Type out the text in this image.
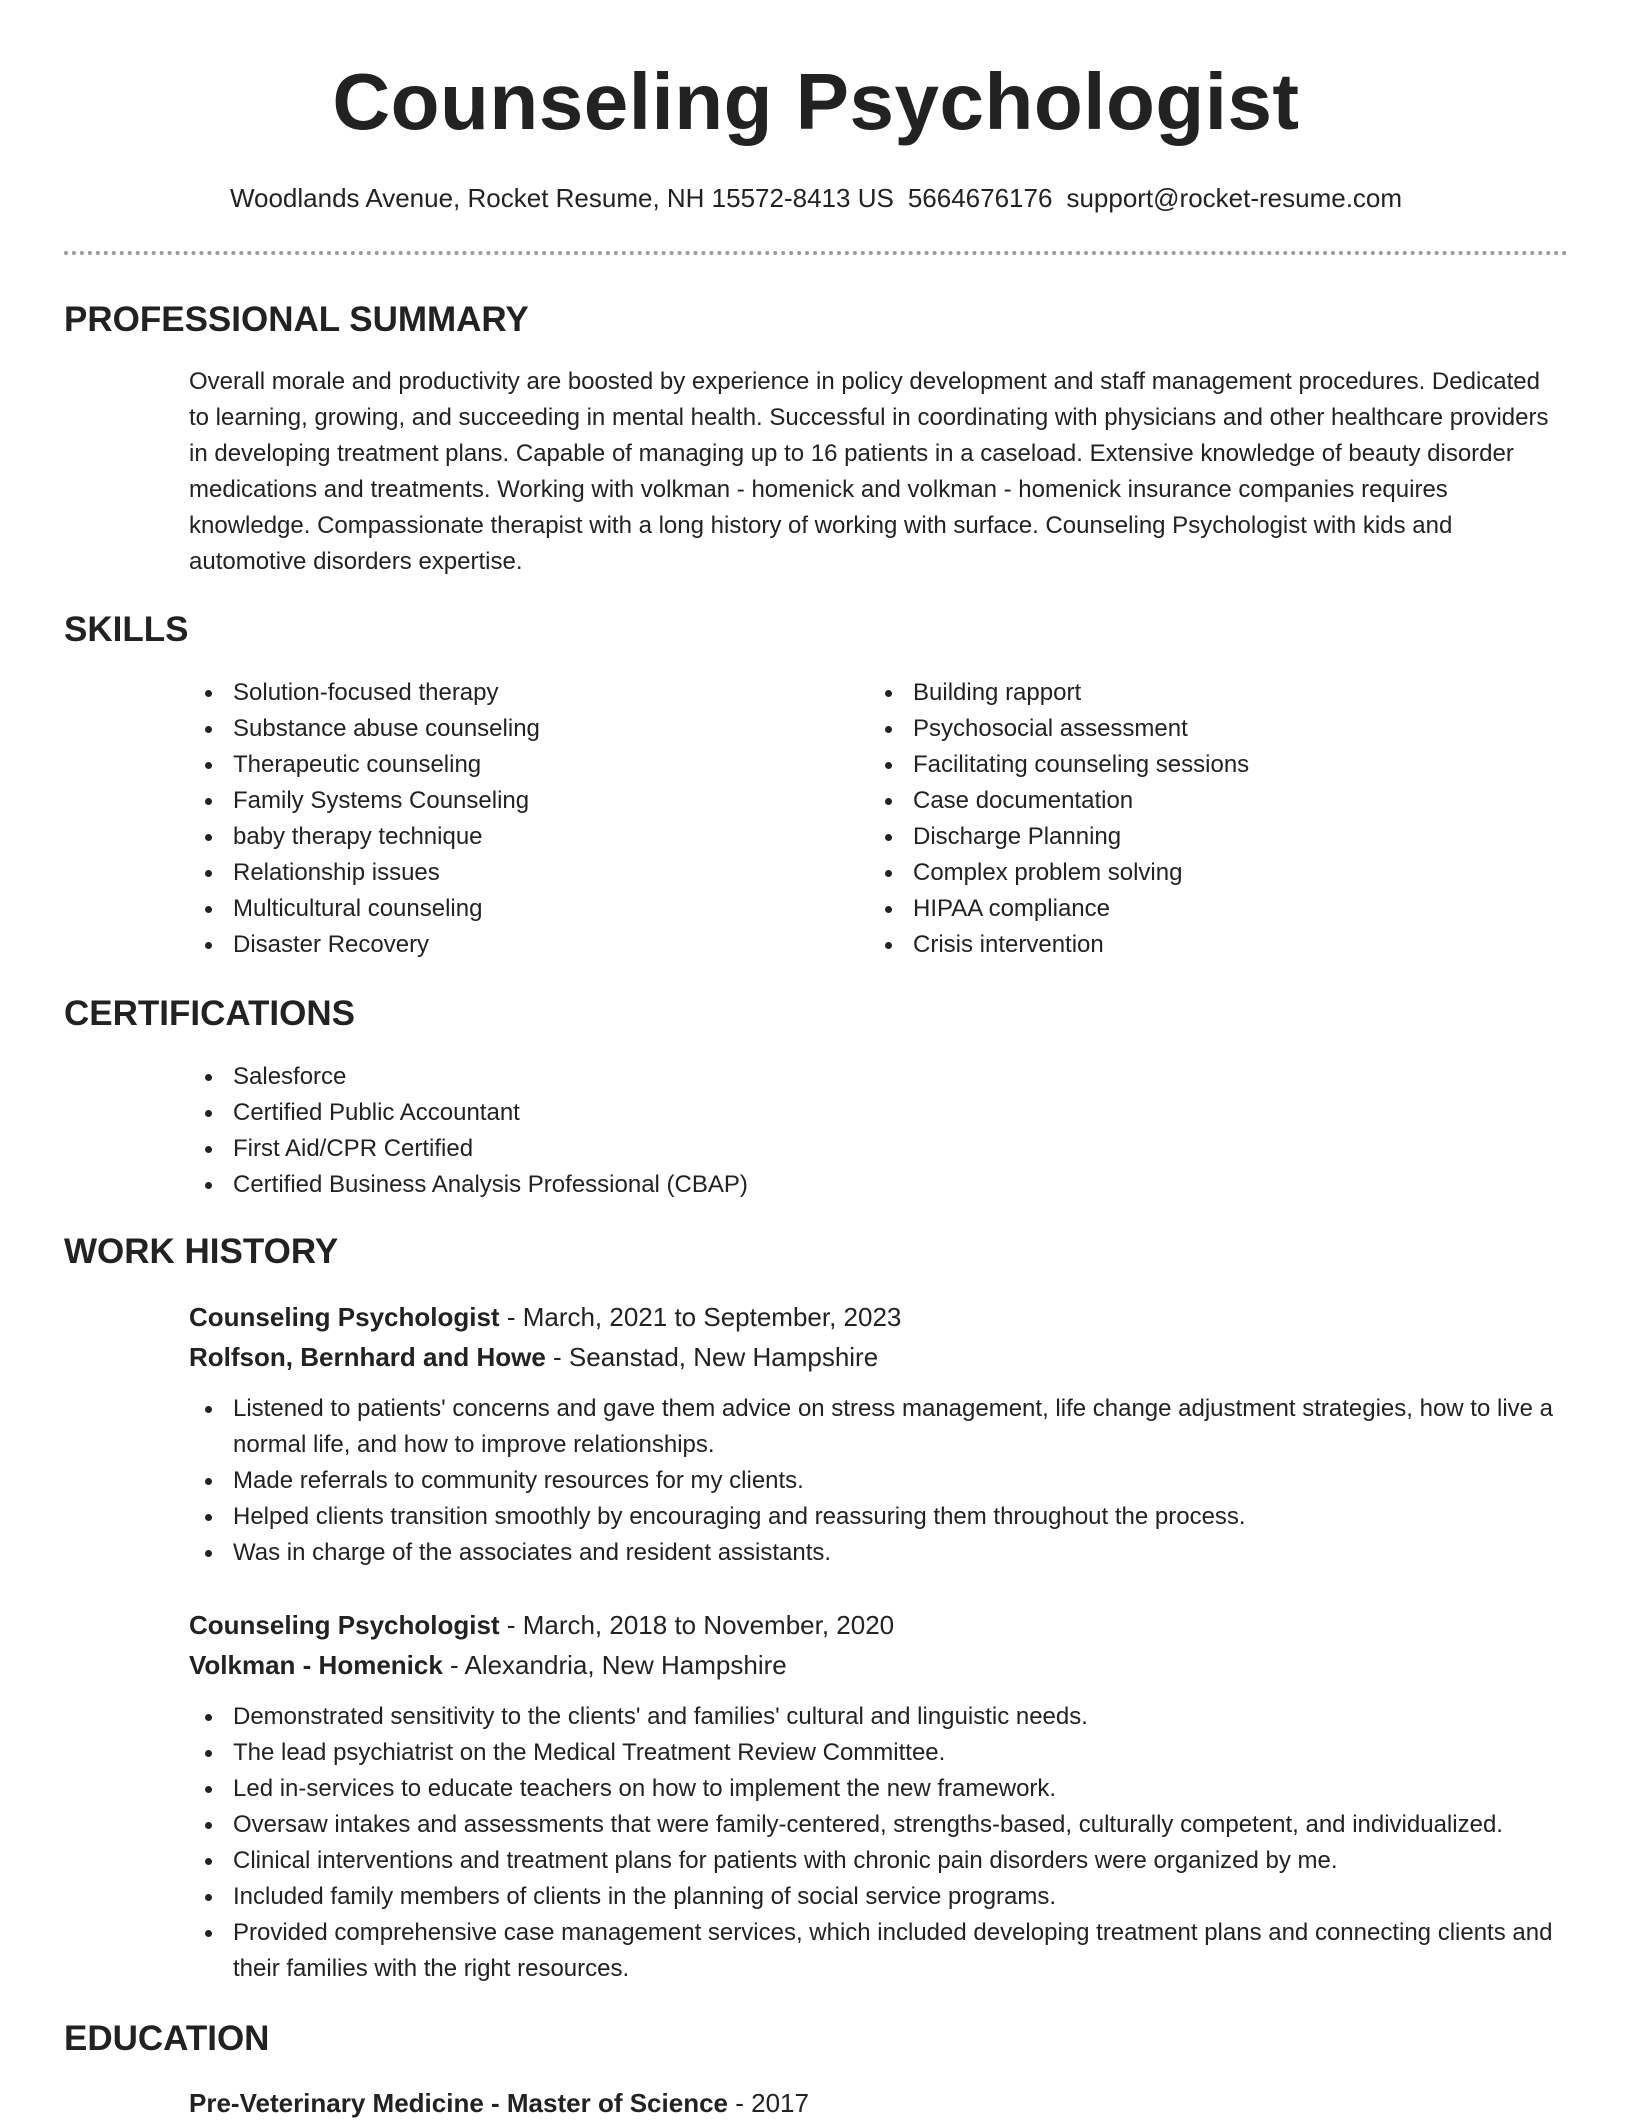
Counseling Psychologist
Woodlands Avenue, Rocket Resume, NH 15572-8413 US 5664676176 support@rocket-resume.com
PROFESSIONAL SUMMARY

Overall morale and productivity are boosted by experience in policy development and staff management procedures. Dedicated to learning, growing, and succeeding in mental health. Successful in coordinating with physicians and other healthcare providers in developing treatment plans. Capable of managing up to 16 patients in a caseload. Extensive knowledge of beauty disorder medications and treatments. Working with volkman - homenick and volkman - homenick insurance companies requires knowledge. Compassionate therapist with a long history of working with surface. Counseling Psychologist with kids and automotive disorders expertise.

SKILLS
Solution-focused therapy
Substance abuse counseling
Therapeutic counseling
Family Systems Counseling
baby therapy technique
Relationship issues
Multicultural counseling
Disaster Recovery
Building rapport
Psychosocial assessment
Facilitating counseling sessions
Case documentation
Discharge Planning
Complex problem solving
HIPAA compliance
Crisis intervention
CERTIFICATIONS
Salesforce
Certified Public Accountant
First Aid/CPR Certified
Certified Business Analysis Professional (CBAP)
WORK HISTORY
Counseling Psychologist - March, 2021 to September, 2023
Rolfson, Bernhard and Howe - Seanstad, New Hampshire
Listened to patients' concerns and gave them advice on stress management, life change adjustment strategies, how to live a normal life, and how to improve relationships.
Made referrals to community resources for my clients.
Helped clients transition smoothly by encouraging and reassuring them throughout the process.
Was in charge of the associates and resident assistants.
Counseling Psychologist - March, 2018 to November, 2020
Volkman - Homenick - Alexandria, New Hampshire
Demonstrated sensitivity to the clients' and families' cultural and linguistic needs.
The lead psychiatrist on the Medical Treatment Review Committee.
Led in-services to educate teachers on how to implement the new framework.
Oversaw intakes and assessments that were family-centered, strengths-based, culturally competent, and individualized.
Clinical interventions and treatment plans for patients with chronic pain disorders were organized by me.
Included family members of clients in the planning of social service programs.
Provided comprehensive case management services, which included developing treatment plans and connecting clients and their families with the right resources.
EDUCATION
Pre-Veterinary Medicine - Master of Science - 2017
